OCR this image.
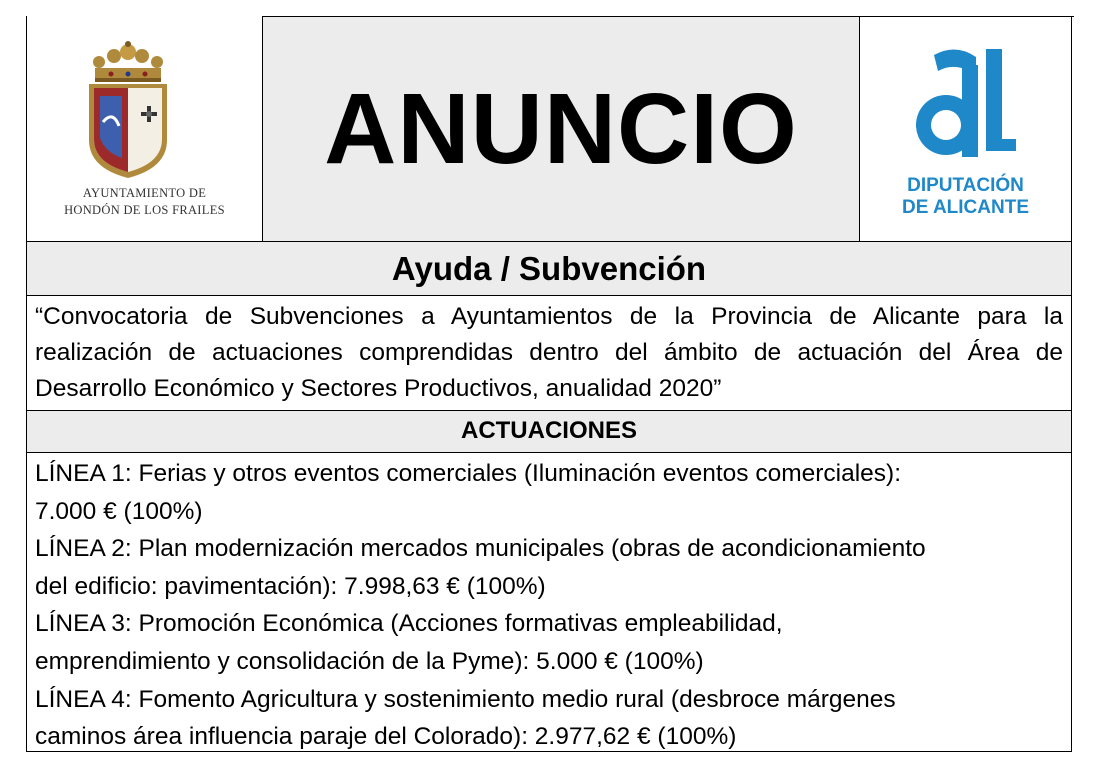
AYUNTAMIENTO DE
HONDÓN DE LOS FRAILES
ANUNCIO
DIPUTACIÓN
DE ALICANTE
Ayuda / Subvención
“Convocatoria de Subvenciones a Ayuntamientos de la Provincia de Alicante para la realización de actuaciones comprendidas dentro del ámbito de actuación del Área de Desarrollo Económico y Sectores Productivos, anualidad 2020”
ACTUACIONES
LÍNEA 1: Ferias y otros eventos comerciales (Iluminación eventos comerciales):
7.000 € (100%)
LÍNEA 2: Plan modernización mercados municipales (obras de acondicionamiento
del edificio: pavimentación): 7.998,63 € (100%)
LÍNEA 3: Promoción Económica (Acciones formativas empleabilidad,
emprendimiento y consolidación de la Pyme): 5.000 € (100%)
LÍNEA 4: Fomento Agricultura y sostenimiento medio rural (desbroce márgenes
caminos área influencia paraje del Colorado): 2.977,62 € (100%)
